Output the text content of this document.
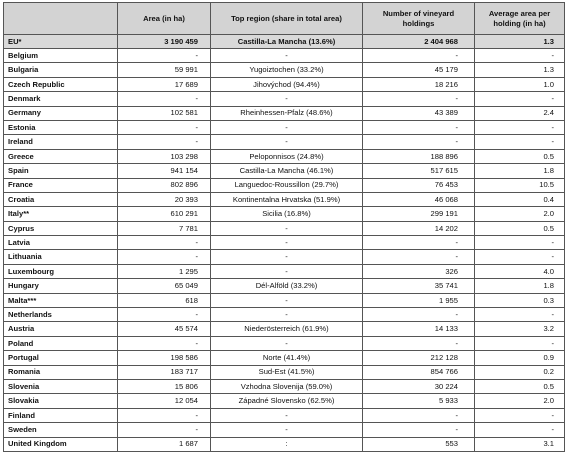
	Area (in ha)	Top region (share in total area)	Number of vineyard holdings	Average area per holding (in ha)
EU*	3 190 459	Castilla-La Mancha (13.6%)	2 404 968	1.3
Belgium	-	-	-	-
Bulgaria	59 991	Yugoiztochen (33.2%)	45 179	1.3
Czech Republic	17 689	Jihovýchod (94.4%)	18 216	1.0
Denmark	-	-	-	-
Germany	102 581	Rheinhessen-Pfalz (48.6%)	43 389	2.4
Estonia	-	-	-	-
Ireland	-	-	-	-
Greece	103 298	Peloponnisos (24.8%)	188 896	0.5
Spain	941 154	Castilla-La Mancha (46.1%)	517 615	1.8
France	802 896	Languedoc-Roussillon (29.7%)	76 453	10.5
Croatia	20 393	Kontinentalna Hrvatska (51.9%)	46 068	0.4
Italy**	610 291	Sicilia (16.8%)	299 191	2.0
Cyprus	7 781	-	14 202	0.5
Latvia	-	-	-	-
Lithuania	-	-	-	-
Luxembourg	1 295	-	326	4.0
Hungary	65 049	Dél-Alföld (33.2%)	35 741	1.8
Malta***	618	-	1 955	0.3
Netherlands	-	-	-	-
Austria	45 574	Niederösterreich (61.9%)	14 133	3.2
Poland	-	-	-	-
Portugal	198 586	Norte (41.4%)	212 128	0.9
Romania	183 717	Sud-Est (41.5%)	854 766	0.2
Slovenia	15 806	Vzhodna Slovenija (59.0%)	30 224	0.5
Slovakia	12 054	Západné Slovensko (62.5%)	5 933	2.0
Finland	-	-	-	-
Sweden	-	-	-	-
United Kingdom	1 687	:	553	3.1
